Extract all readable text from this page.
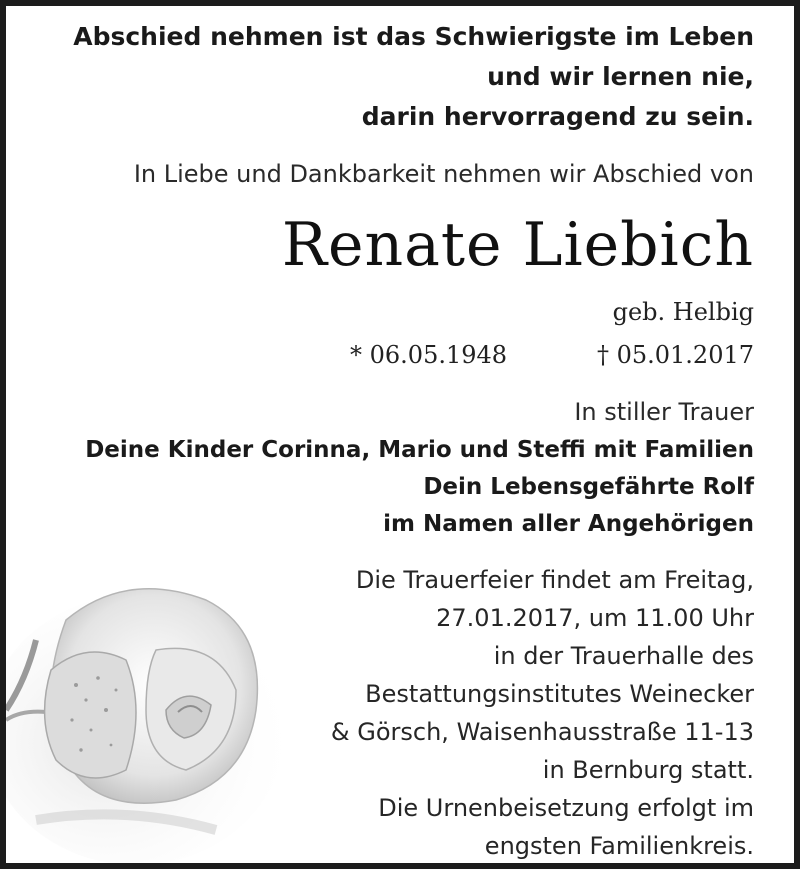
Abschied nehmen ist das Schwierigste im Leben
und wir lernen nie,
darin hervorragend zu sein.
In Liebe und Dankbarkeit nehmen wir Abschied von
Renate Liebich
geb. Helbig
* 06.05.1948	† 05.01.2017
In stiller Trauer
Deine Kinder Corinna, Mario und Steffi mit Familien
Dein Lebensgefährte Rolf
im Namen aller Angehörigen
Die Trauerfeier findet am Freitag,
27.01.2017, um 11.00 Uhr
in der Trauerhalle des
Bestattungsinstitutes Weinecker
& Görsch, Waisenhausstraße 11-13
in Bernburg statt.
Die Urnenbeisetzung erfolgt im
engsten Familienkreis.
